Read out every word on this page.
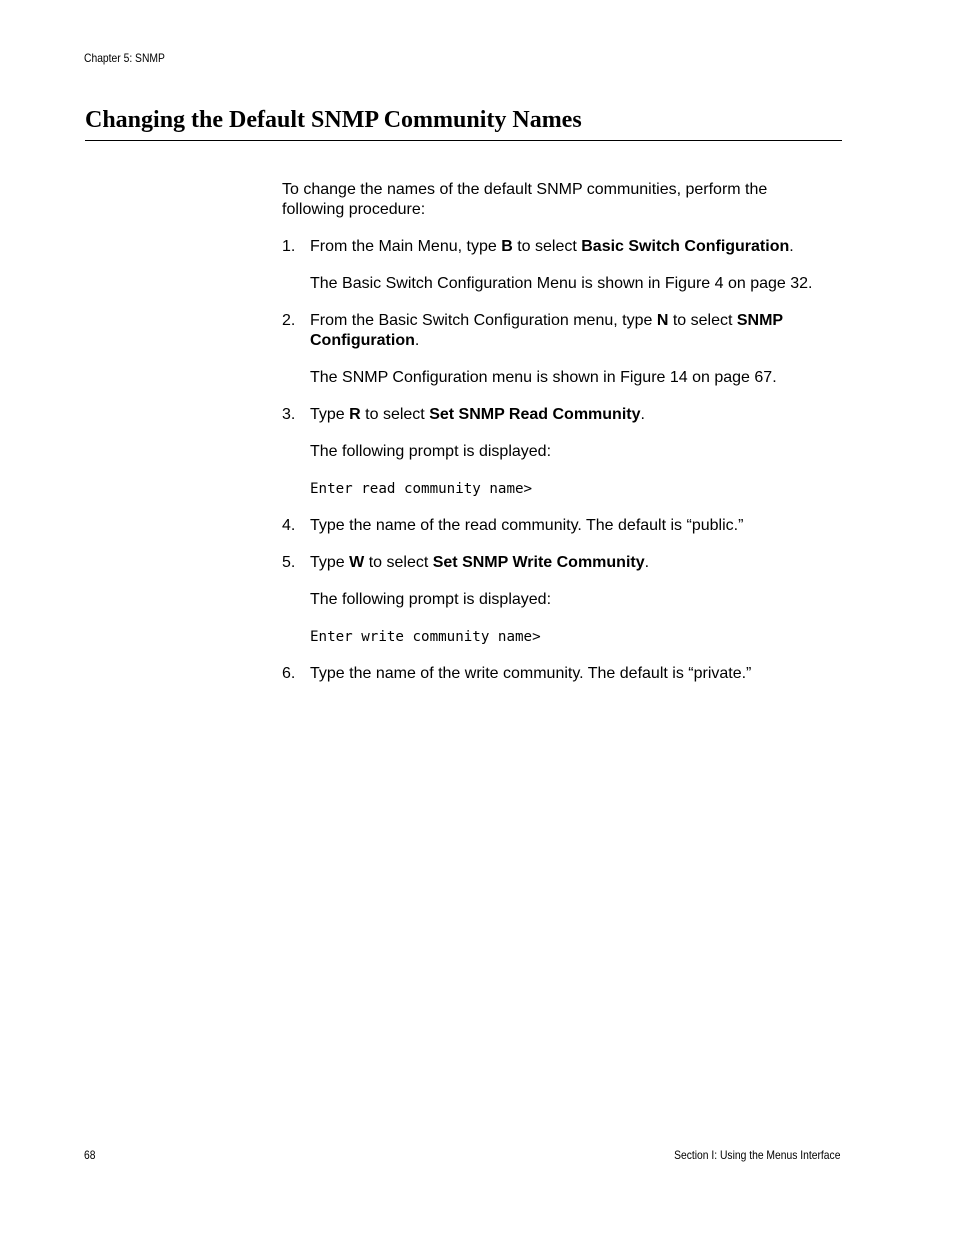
Chapter 5: SNMP
Changing the Default SNMP Community Names

To change the names of the default SNMP communities, perform the following procedure:

1. From the Main Menu, type B to select Basic Switch Configuration.
The Basic Switch Configuration Menu is shown in Figure 4 on page 32.
2. From the Basic Switch Configuration menu, type N to select SNMP
Configuration.
The SNMP Configuration menu is shown in Figure 14 on page 67.
3. Type R to select Set SNMP Read Community.
The following prompt is displayed:
Enter read community name>
4. Type the name of the read community. The default is “public.”
5. Type W to select Set SNMP Write Community.
The following prompt is displayed:
Enter write community name>
6. Type the name of the write community. The default is “private.”
68	Section I: Using the Menus Interface
